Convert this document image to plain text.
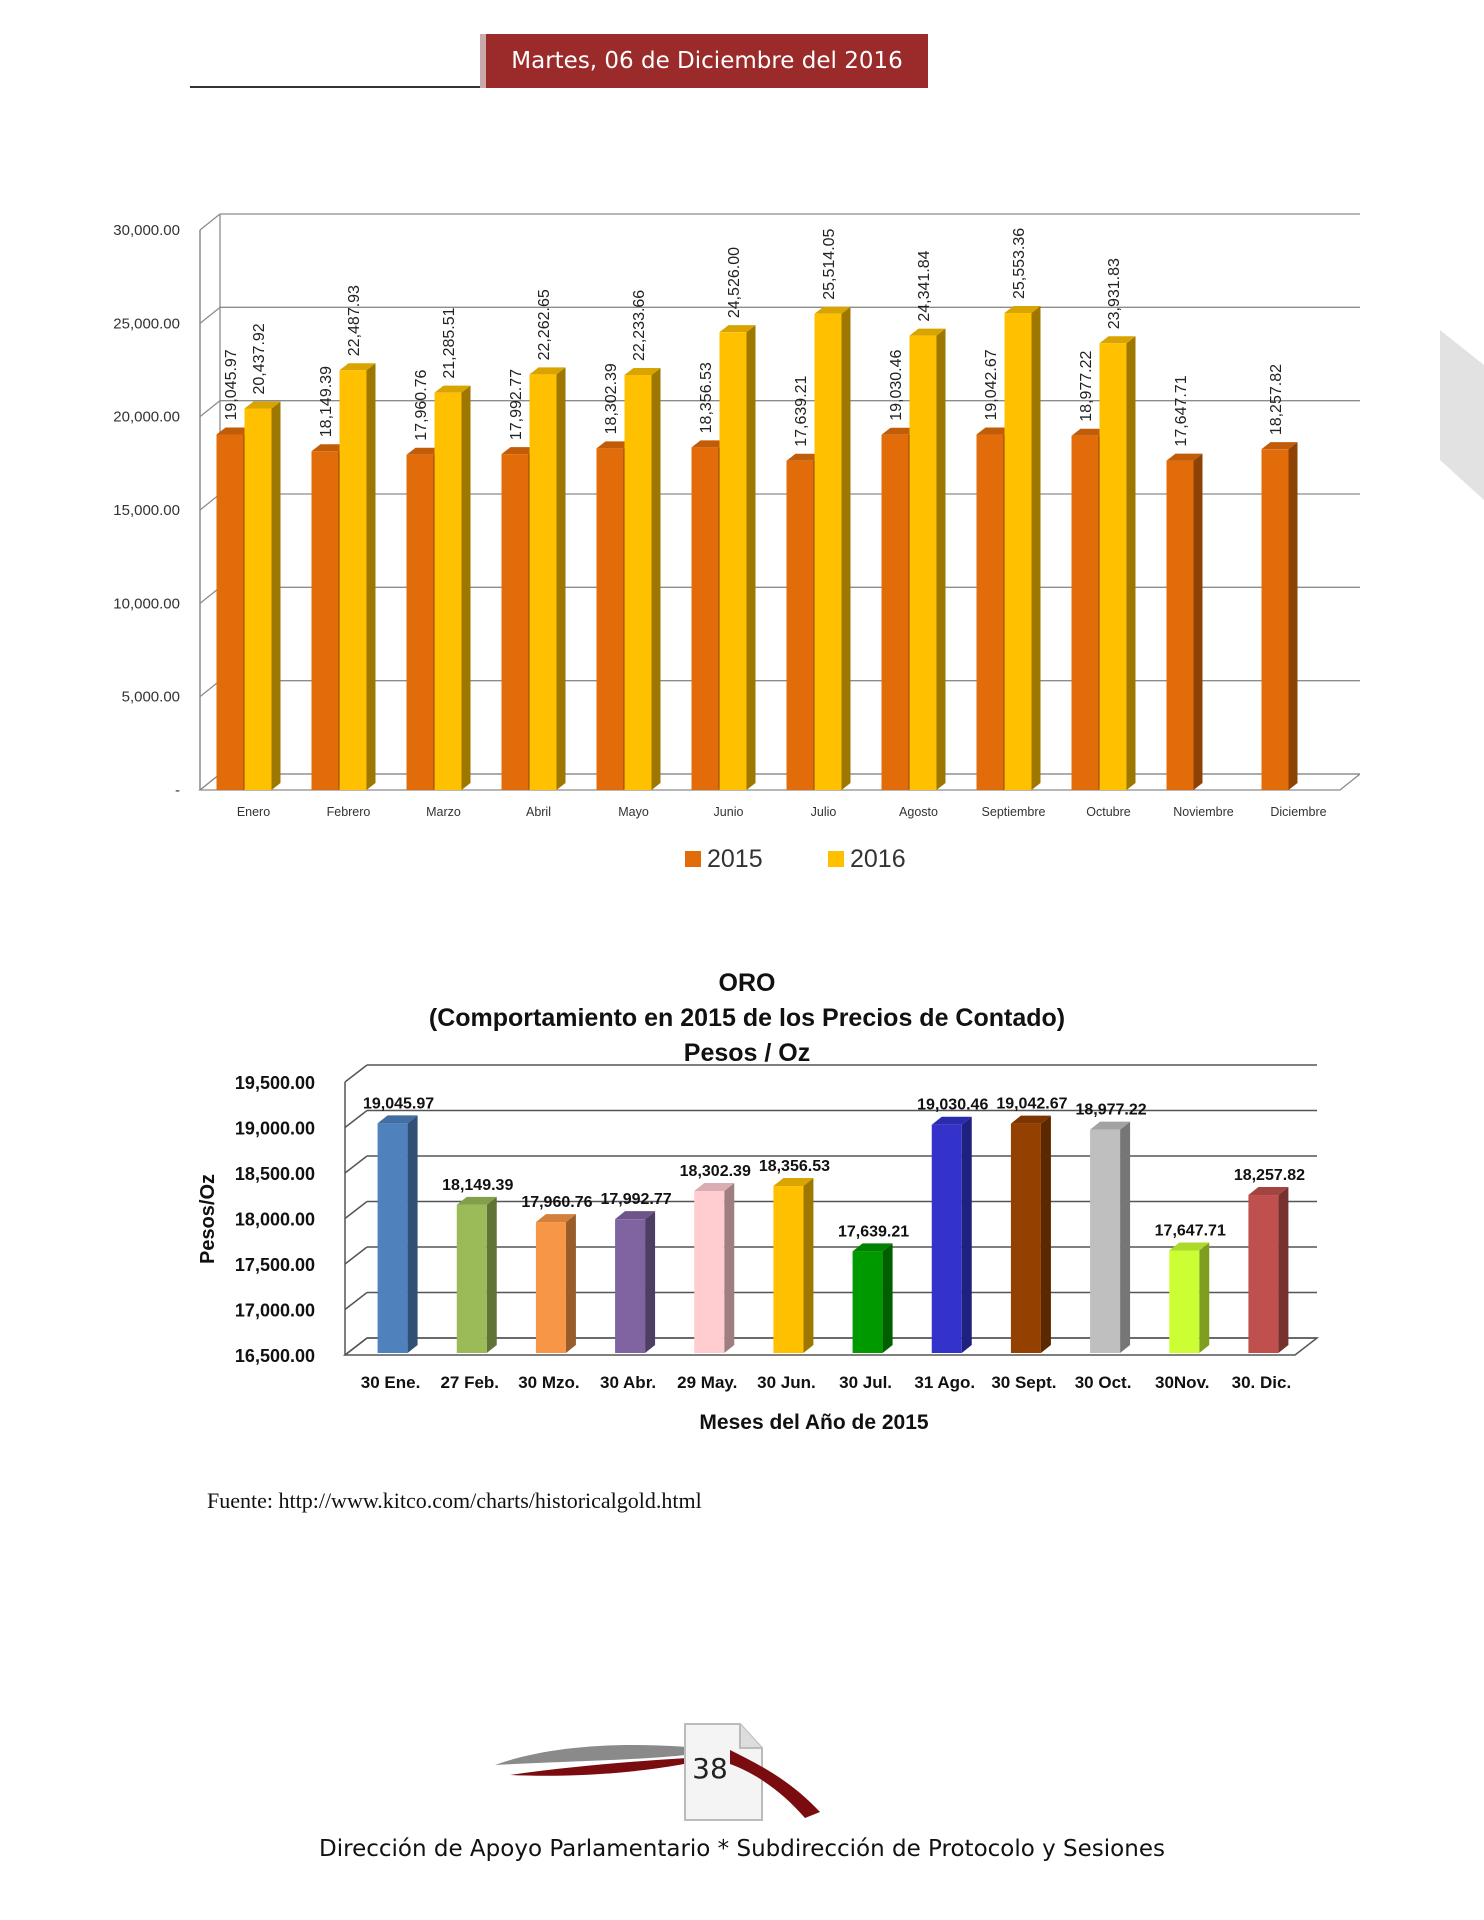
Martes, 06 de Diciembre del 2016
-
5,000.00
10,000.00
15,000.00
20,000.00
25,000.00
30,000.00
Enero
19,045.97 20,437.92
Febrero
18,149.39
22,487.93
Marzo
17,960.76
21,285.51
Abril
17,992.77
22,262.65
Mayo
18,302.39
22,233.66
Junio
18,356.53
24,526.00
Julio
17,639.21
25,514.05
Agosto
19,030.46
24,341.84
Septiembre
19,042.67
25,553.36
Octubre
18,977.22
23,931.83
Noviembre
17,647.71
Diciembre
18,257.82
2015	2016
ORO
(Comportamiento en 2015 de los Precios de Contado)
Pesos / Oz
16,500.00
17,000.00
17,500.00
18,000.00
18,500.00
19,000.00
19,500.00
19,045.97
30 Ene.
18,149.39
27 Feb.
17,960.76
30 Mzo.
17,992.77
30 Abr.
18,302.39
29 May.
18,356.53
30 Jun.
17,639.21
30 Jul.
19,030.46
31 Ago.
19,042.67
30 Sept.
18,977.22
30 Oct.
17,647.71
30Nov.
18,257.82
30. Dic.
Meses del Año de 2015
Pesos/Oz
Fuente: http://www.kitco.com/charts/historicalgold.html
38
Dirección de Apoyo Parlamentario * Subdirección de Protocolo y Sesiones
